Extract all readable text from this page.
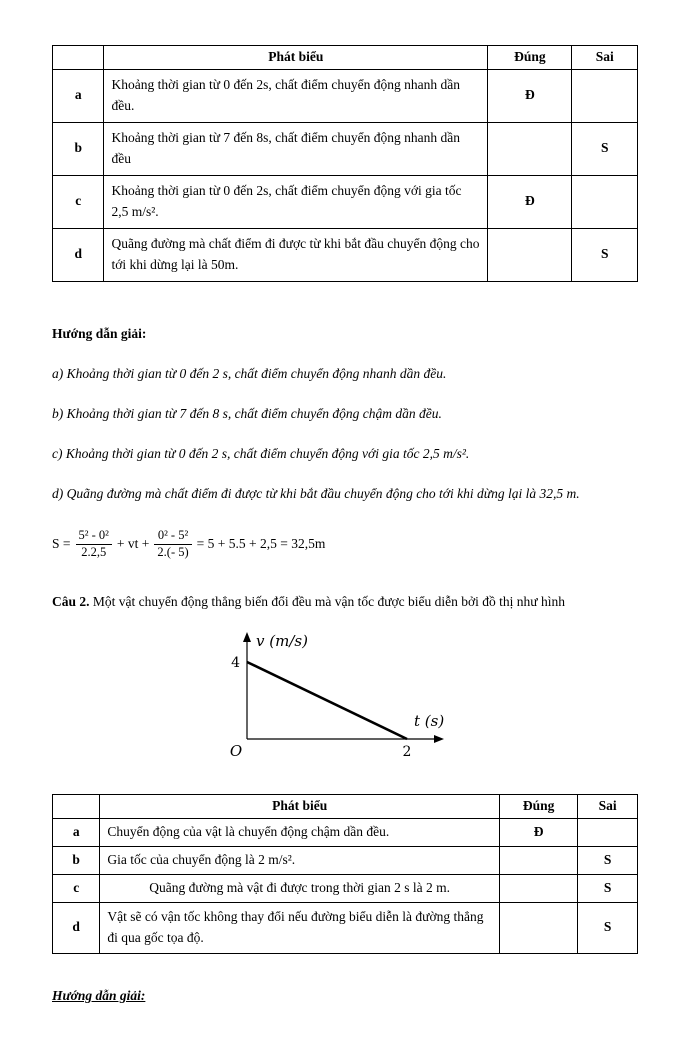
	Phát biểu	Đúng	Sai
a	Khoảng thời gian từ 0 đến 2s, chất điểm chuyển động nhanh dần đều.	Đ	
b	Khoảng thời gian từ 7 đến 8s, chất điểm chuyển động nhanh dần đều		S
c	Khoảng thời gian từ 0 đến 2s, chất điểm chuyển động với gia tốc 2,5 m/s².	Đ	
d	Quãng đường mà chất điểm đi được từ khi bắt đầu chuyển động cho tới khi dừng lại là 50m.		S

Hướng dẫn giải:

a) Khoảng thời gian từ 0 đến 2 s, chất điểm chuyển động nhanh dần đều.

b) Khoảng thời gian từ 7 đến 8 s, chất điểm chuyển động chậm dần đều.

c) Khoảng thời gian từ 0 đến 2 s, chất điểm chuyển động với gia tốc 2,5 m/s².

d) Quãng đường mà chất điểm đi được từ khi bắt đầu chuyển động cho tới khi dừng lại là 32,5 m.

$S = \frac{\text{5² - 0²}}{2.2,5}$ + vt + $\frac{\text{0² - 5²}}{2.(- 5)} = 5 + 5.5 + 2,5 = 32,5m$

Câu 2. Một vật chuyển động thẳng biến đổi đều mà vận tốc được biểu diễn bởi đồ thị như hình

v (m/s)
t (s)
4
2
O
	Phát biểu	Đúng	Sai
a	Chuyển động của vật là chuyển động chậm dần đều.	Đ	
b	Gia tốc của chuyển động là 2 m/s².		S
c	Quãng đường mà vật đi được trong thời gian 2 s là 2 m.		S
d	Vật sẽ có vận tốc không thay đổi nếu đường biểu diễn là đường thẳng đi qua gốc tọa độ.		S

Hướng dẫn giải:
